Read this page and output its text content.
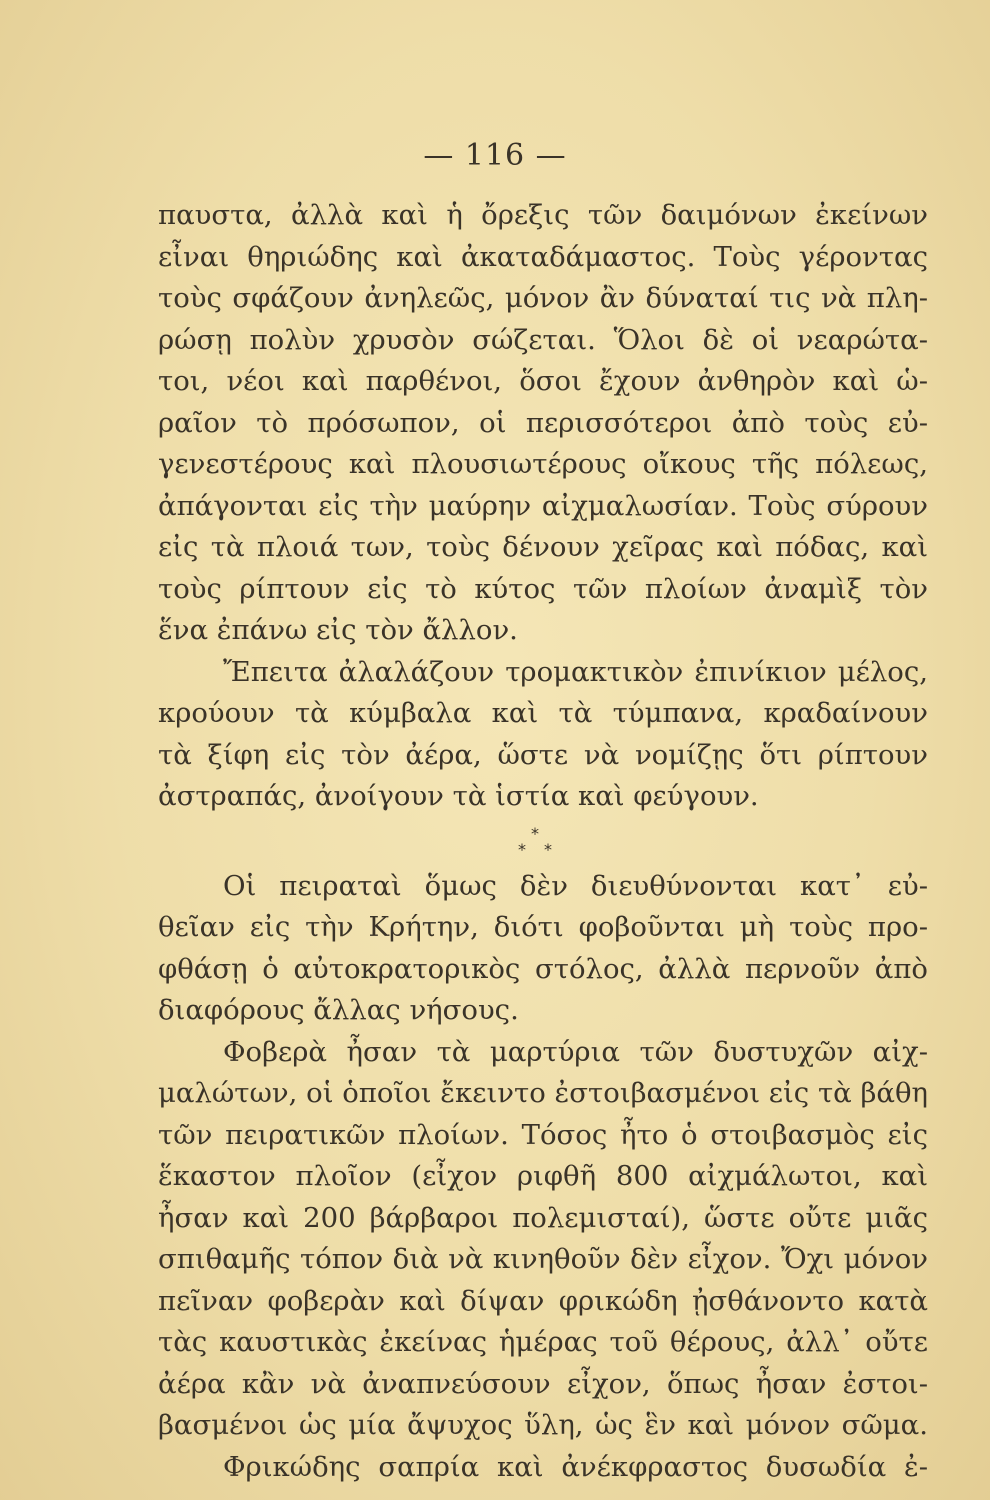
— 116 —
παυστα, ἀλλὰ καὶ ἡ ὄρεξις τῶν δαιμόνων ἐκείνων
εἶναι θηριώδης καὶ ἀκαταδάμαστος. Τοὺς γέροντας
τοὺς σφάζουν ἀνηλεῶς, μόνον ἂν δύναταί τις νὰ πλη-
ρώσῃ πολὺν χρυσὸν σώζεται. Ὅλοι δὲ οἱ νεαρώτα-
τοι, νέοι καὶ παρθένοι, ὅσοι ἔχουν ἀνθηρὸν καὶ ὡ-
ραῖον τὸ πρόσωπον, οἱ περισσότεροι ἀπὸ τοὺς εὐ-
γενεστέρους καὶ πλουσιωτέρους οἴκους τῆς πόλεως,
ἀπάγονται εἰς τὴν μαύρην αἰχμαλωσίαν. Τοὺς σύρουν
εἰς τὰ πλοιά των, τοὺς δένουν χεῖρας καὶ πόδας, καὶ
τοὺς ρίπτουν εἰς τὸ κύτος τῶν πλοίων ἀναμὶξ τὸν
ἕνα ἐπάνω εἰς τὸν ἄλλον.
Ἔπειτα ἀλαλάζουν τρομακτικὸν ἐπινίκιον μέλος,
κρούουν τὰ κύμβαλα καὶ τὰ τύμπανα, κραδαίνουν
τὰ ξίφη εἰς τὸν ἀέρα, ὥστε νὰ νομίζῃς ὅτι ρίπτουν
ἀστραπάς, ἀνοίγουν τὰ ἱστία καὶ φεύγουν.
*
* *
Οἱ πειραταὶ ὅμως δὲν διευθύνονται κατ᾽ εὐ-
θεῖαν εἰς τὴν Κρήτην, διότι φοβοῦνται μὴ τοὺς προ-
φθάσῃ ὁ αὐτοκρατορικὸς στόλος, ἀλλὰ περνοῦν ἀπὸ
διαφόρους ἄλλας νήσους.
Φοβερὰ ἦσαν τὰ μαρτύρια τῶν δυστυχῶν αἰχ-
μαλώτων, οἱ ὁποῖοι ἔκειντο ἐστοιβασμένοι εἰς τὰ βάθη
τῶν πειρατικῶν πλοίων. Τόσος ἦτο ὁ στοιβασμὸς εἰς
ἕκαστον πλοῖον (εἶχον ριφθῆ 800 αἰχμάλωτοι, καὶ
ἦσαν καὶ 200 βάρβαροι πολεμισταί), ὥστε οὔτε μιᾶς
σπιθαμῆς τόπον διὰ νὰ κινηθοῦν δὲν εἶχον. Ὄχι μόνον
πεῖναν φοβερὰν καὶ δίψαν φρικώδη ᾐσθάνοντο κατὰ
τὰς καυστικὰς ἐκείνας ἡμέρας τοῦ θέρους, ἀλλ᾽ οὔτε
ἀέρα κἂν νὰ ἀναπνεύσουν εἶχον, ὅπως ἦσαν ἐστοι-
βασμένοι ὡς μία ἄψυχος ὕλη, ὡς ἓν καὶ μόνον σῶμα.
Φρικώδης σαπρία καὶ ἀνέκφραστος δυσωδία ἐ-
